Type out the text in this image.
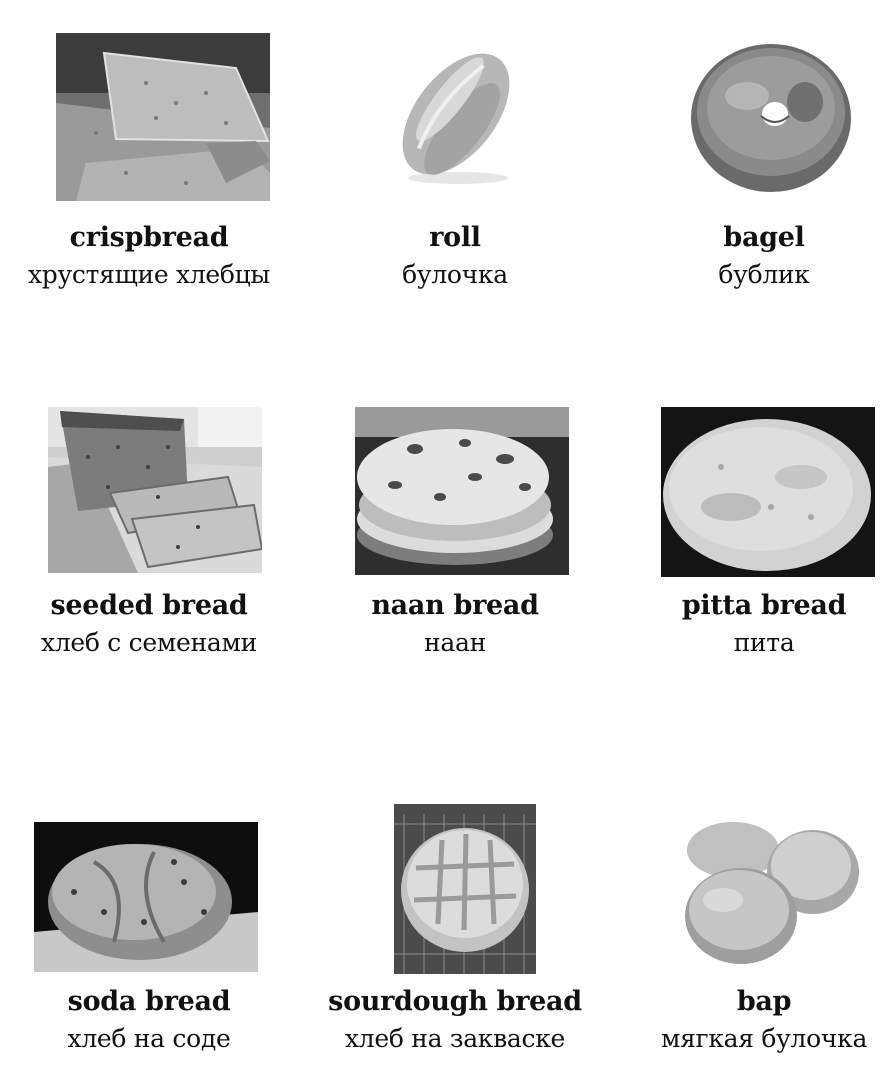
crispbread
хрустящие хлебцы
roll
булочка
bagel
бублик
seeded bread
хлеб с семенами
naan bread
наан
pitta bread
пита
soda bread
хлеб на соде
sourdough bread
хлеб на закваске
bap
мягкая булочка
